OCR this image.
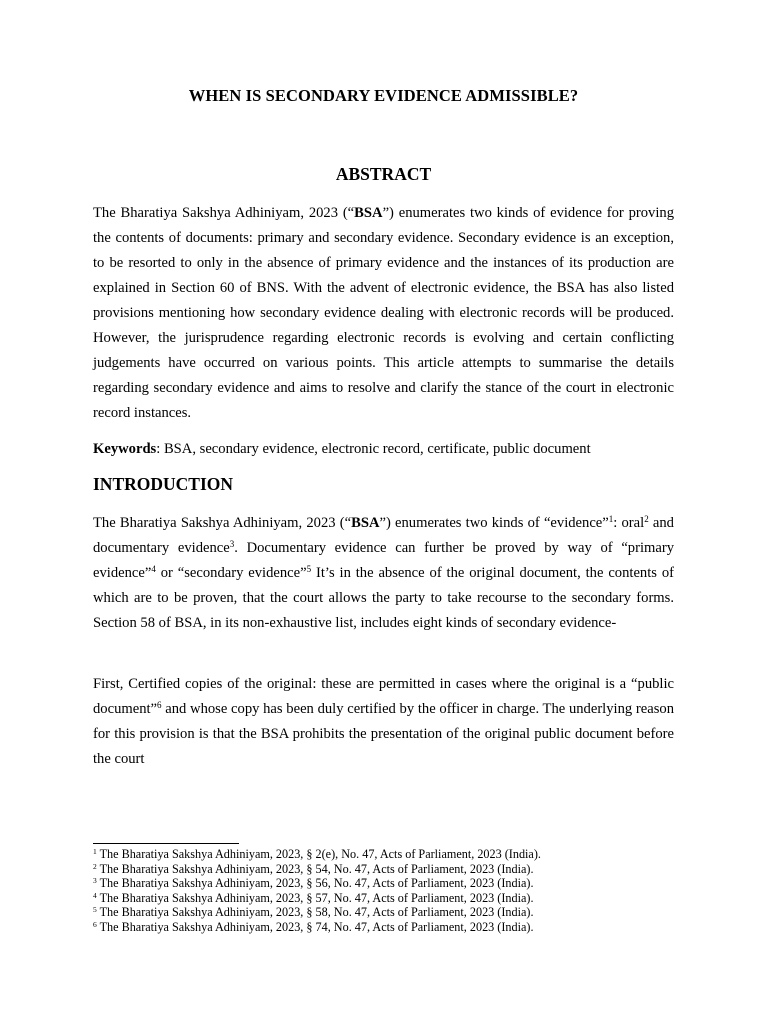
WHEN IS SECONDARY EVIDENCE ADMISSIBLE?
ABSTRACT

The Bharatiya Sakshya Adhiniyam, 2023 (“BSA”) enumerates two kinds of evidence for proving the contents of documents: primary and secondary evidence. Secondary evidence is an exception, to be resorted to only in the absence of primary evidence and the instances of its production are explained in Section 60 of BNS. With the advent of electronic evidence, the BSA has also listed provisions mentioning how secondary evidence dealing with electronic records will be produced. However, the jurisprudence regarding electronic records is evolving and certain conflicting judgements have occurred on various points. This article attempts to summarise the details regarding secondary evidence and aims to resolve and clarify the stance of the court in electronic record instances.

Keywords: BSA, secondary evidence, electronic record, certificate, public document

INTRODUCTION

The Bharatiya Sakshya Adhiniyam, 2023 (“BSA”) enumerates two kinds of “evidence”$^1$: oral$^2$ and documentary evidence$^3$. Documentary evidence can further be proved by way of “primary evidence”$^4$ or “secondary evidence”$^5$ It’s in the absence of the original document, the contents of which are to be proven, that the court allows the party to take recourse to the secondary forms. Section 58 of BSA, in its non-exhaustive list, includes eight kinds of secondary evidence-

First, Certified copies of the original: these are permitted in cases where the original is a “public document”$^6$ and whose copy has been duly certified by the officer in charge. The underlying reason for this provision is that the BSA prohibits the presentation of the original public document before the court

$^1$ The Bharatiya Sakshya Adhiniyam, 2023, § 2(e), No. 47, Acts of Parliament, 2023 (India).
$^2$ The Bharatiya Sakshya Adhiniyam, 2023, § 54, No. 47, Acts of Parliament, 2023 (India).
$^3$ The Bharatiya Sakshya Adhiniyam, 2023, § 56, No. 47, Acts of Parliament, 2023 (India).
$^4$ The Bharatiya Sakshya Adhiniyam, 2023, § 57, No. 47, Acts of Parliament, 2023 (India).
$^5$ The Bharatiya Sakshya Adhiniyam, 2023, § 58, No. 47, Acts of Parliament, 2023 (India).
$^6$ The Bharatiya Sakshya Adhiniyam, 2023, § 74, No. 47, Acts of Parliament, 2023 (India).
